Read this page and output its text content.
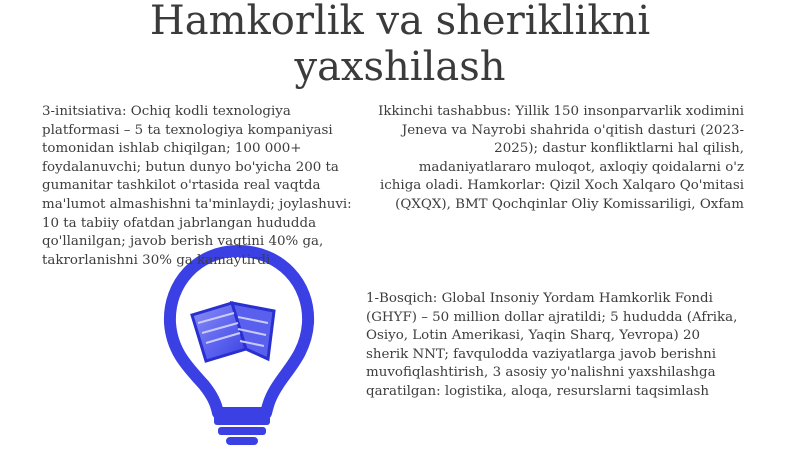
Hamkorlik va sheriklikni
yaxshilash

3-initsiativa: Ochiq kodli texnologiya platformasi – 5 ta texnologiya kompaniyasi tomonidan ishlab chiqilgan; 100 000+ foydalanuvchi; butun dunyo bo'yicha 200 ta gumanitar tashkilot o'rtasida real vaqtda ma'lumot almashishni ta'minlaydi; joylashuvi: 10 ta tabiiy ofatdan jabrlangan hududda qo'llanilgan; javob berish vaqtini 40% ga, takrorlanishni 30% ga kamaytirdi

Ikkinchi tashabbus: Yillik 150 insonparvarlik xodimini Jeneva va Nayrobi shahrida o'qitish dasturi (2023-2025); dastur konfliktlarni hal qilish, madaniyatlararo muloqot, axloqiy qoidalarni o'z ichiga oladi. Hamkorlar: Qizil Xoch Xalqaro Qo'mitasi (QXQX), BMT Qochqinlar Oliy Komissariligi, Oxfam

1-Bosqich: Global Insoniy Yordam Hamkorlik Fondi (GHYF) – 50 million dollar ajratildi; 5 hududda (Afrika, Osiyo, Lotin Amerikasi, Yaqin Sharq, Yevropa) 20 sherik NNT; favqulodda vaziyatlarga javob berishni muvofiqlashtirish, 3 asosiy yo'nalishni yaxshilashga qaratilgan: logistika, aloqa, resurslarni taqsimlash
